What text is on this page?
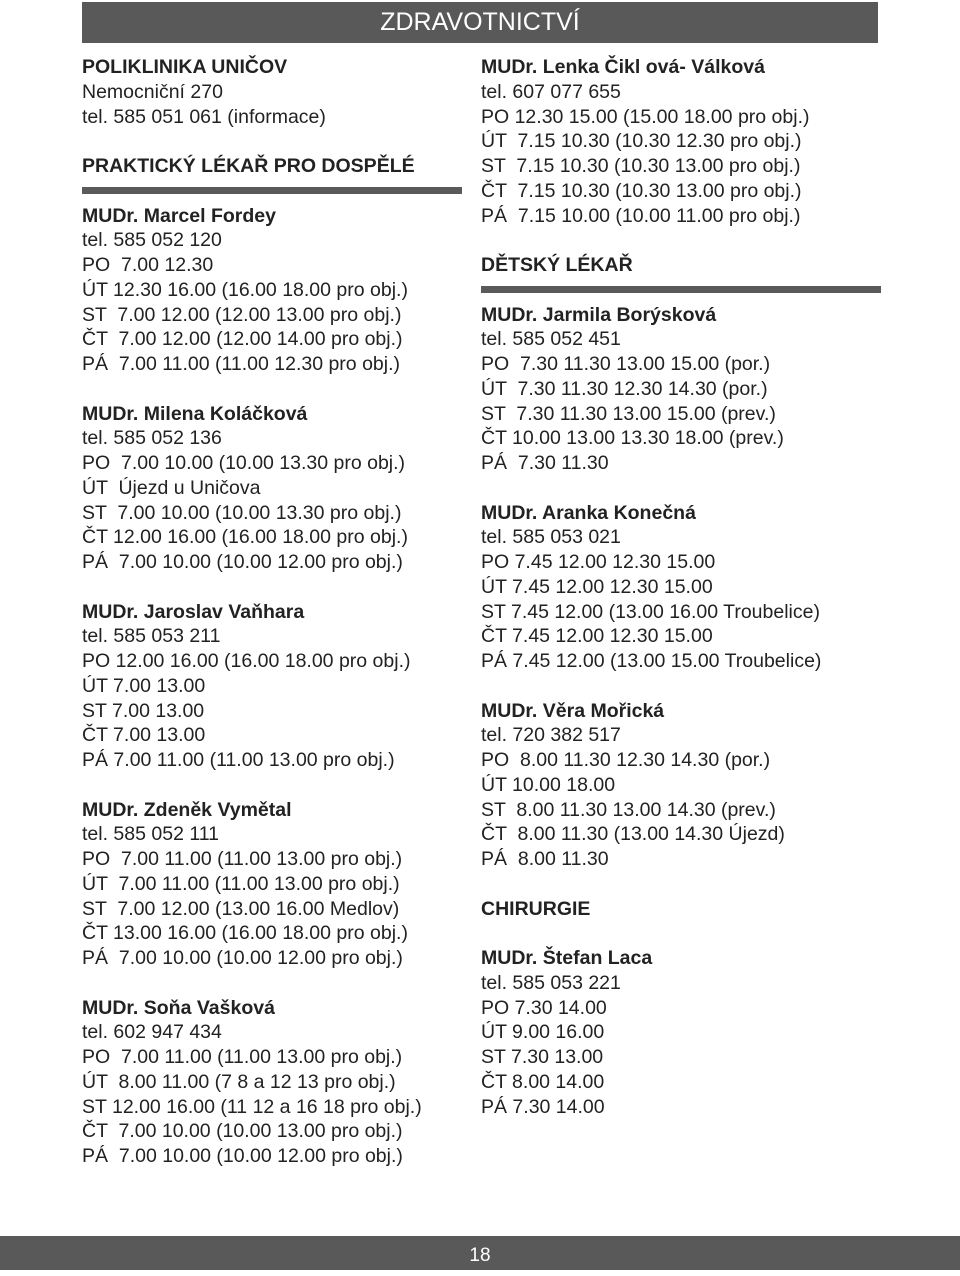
ZDRAVOTNICTVÍ
POLIKLINIKA UNIČOV
Nemocniční 270
tel. 585 051 061 (informace)
PRAKTICKÝ LÉKAŘ PRO DOSPĚLÉ
MUDr. Marcel Fordey
tel. 585 052 120
PO  7.00 12.30
ÚT 12.30 16.00 (16.00 18.00 pro obj.)
ST  7.00 12.00 (12.00 13.00 pro obj.)
ČT  7.00 12.00 (12.00 14.00 pro obj.)
PÁ  7.00 11.00 (11.00 12.30 pro obj.)
MUDr. Milena Koláčková
tel. 585 052 136
PO  7.00 10.00 (10.00 13.30 pro obj.)
ÚT  Újezd u Uničova
ST  7.00 10.00 (10.00 13.30 pro obj.)
ČT 12.00 16.00 (16.00 18.00 pro obj.)
PÁ  7.00 10.00 (10.00 12.00 pro obj.)
MUDr. Jaroslav Vaňhara
tel. 585 053 211
PO 12.00 16.00 (16.00 18.00 pro obj.)
ÚT 7.00 13.00
ST 7.00 13.00
ČT 7.00 13.00
PÁ 7.00 11.00 (11.00 13.00 pro obj.)
MUDr. Zdeněk Vymětal
tel. 585 052 111
PO  7.00 11.00 (11.00 13.00 pro obj.)
ÚT  7.00 11.00 (11.00 13.00 pro obj.)
ST  7.00 12.00 (13.00 16.00 Medlov)
ČT 13.00 16.00 (16.00 18.00 pro obj.)
PÁ  7.00 10.00 (10.00 12.00 pro obj.)
MUDr. Soňa Vašková
tel. 602 947 434
PO  7.00 11.00 (11.00 13.00 pro obj.)
ÚT  8.00 11.00 (7 8 a 12 13 pro obj.)
ST 12.00 16.00 (11 12 a 16 18 pro obj.)
ČT  7.00 10.00 (10.00 13.00 pro obj.)
PÁ  7.00 10.00 (10.00 12.00 pro obj.)
MUDr. Lenka Čikl ová- Válková
tel. 607 077 655
PO 12.30 15.00 (15.00 18.00 pro obj.)
ÚT  7.15 10.30 (10.30 12.30 pro obj.)
ST  7.15 10.30 (10.30 13.00 pro obj.)
ČT  7.15 10.30 (10.30 13.00 pro obj.)
PÁ  7.15 10.00 (10.00 11.00 pro obj.)
DĚTSKÝ LÉKAŘ
MUDr. Jarmila Borýsková
tel. 585 052 451
PO  7.30 11.30 13.00 15.00 (por.)
ÚT  7.30 11.30 12.30 14.30 (por.)
ST  7.30 11.30 13.00 15.00 (prev.)
ČT 10.00 13.00 13.30 18.00 (prev.)
PÁ  7.30 11.30
MUDr. Aranka Konečná
tel. 585 053 021
PO 7.45 12.00 12.30 15.00
ÚT 7.45 12.00 12.30 15.00
ST 7.45 12.00 (13.00 16.00 Troubelice)
ČT 7.45 12.00 12.30 15.00
PÁ 7.45 12.00 (13.00 15.00 Troubelice)
MUDr. Věra Mořická
tel. 720 382 517
PO  8.00 11.30 12.30 14.30 (por.)
ÚT 10.00 18.00
ST  8.00 11.30 13.00 14.30 (prev.)
ČT  8.00 11.30 (13.00 14.30 Újezd)
PÁ  8.00 11.30
CHIRURGIE
MUDr. Štefan Laca
tel. 585 053 221
PO 7.30 14.00
ÚT 9.00 16.00
ST 7.30 13.00
ČT 8.00 14.00
PÁ 7.30 14.00
18
